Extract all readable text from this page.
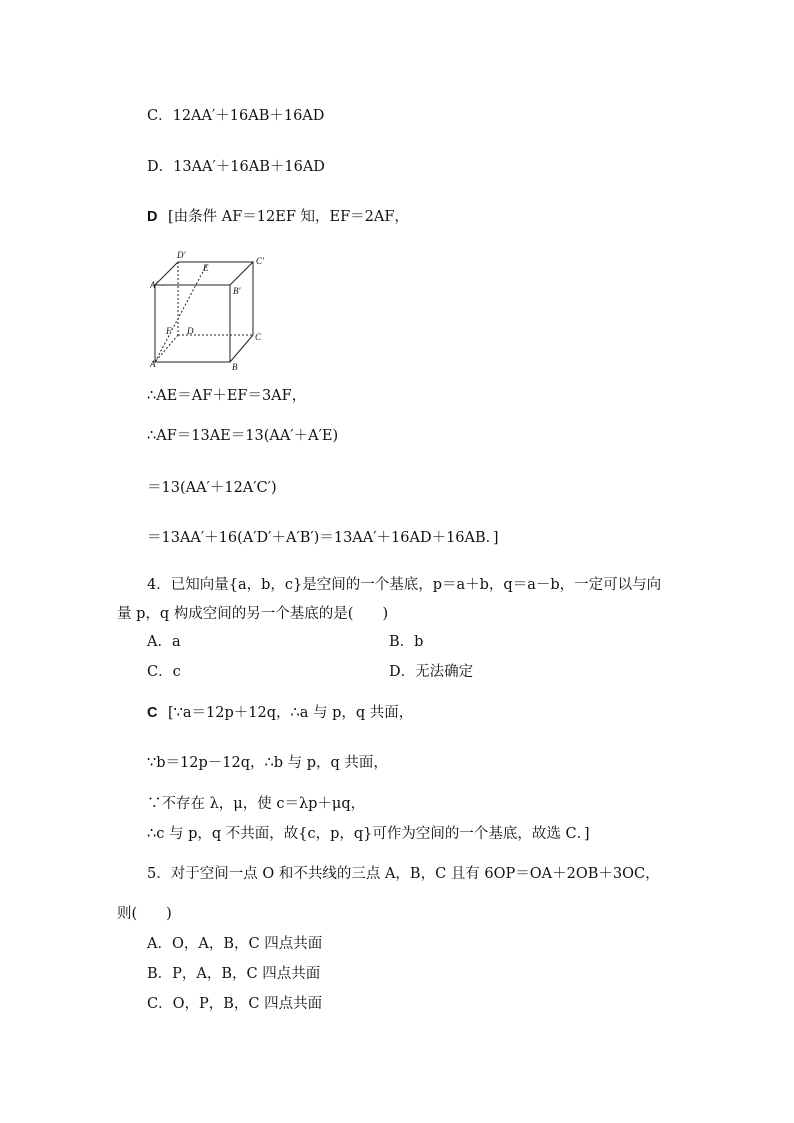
C．12AA′＋16AB＋16AD
D．13AA′＋16AB＋16AD
D [由条件 AF＝12EF 知，EF＝2AF，
D′
E
C′
A′
B′
F D
C
A	B
∴AE＝AF＋EF＝3AF，
∴AF＝13AE＝13(AA′＋A′E)
＝13(AA′＋12A′C′)
＝13AA′＋16(A′D′＋A′B′)＝13AA′＋16AD＋16AB．]
4．已知向量{a，b，c}是空间的一个基底，p＝a＋b，q＝a－b，一定可以与向
量 p，q 构成空间的另一个基底的是(　　)
A．a	B．b
C．c	D．无法确定
C [∵a＝12p＋12q，∴a 与 p，q 共面，
∵b＝12p－12q，∴b 与 p，q 共面，
∵不存在 λ，μ，使 c＝λp＋μq，
∴c 与 p，q 不共面，故{c，p，q}可作为空间的一个基底，故选 C．]
5．对于空间一点 O 和不共线的三点 A，B，C 且有 6OP＝OA＋2OB＋3OC，
则(　　)
A．O，A，B，C 四点共面
B．P，A，B，C 四点共面
C．O，P，B，C 四点共面
